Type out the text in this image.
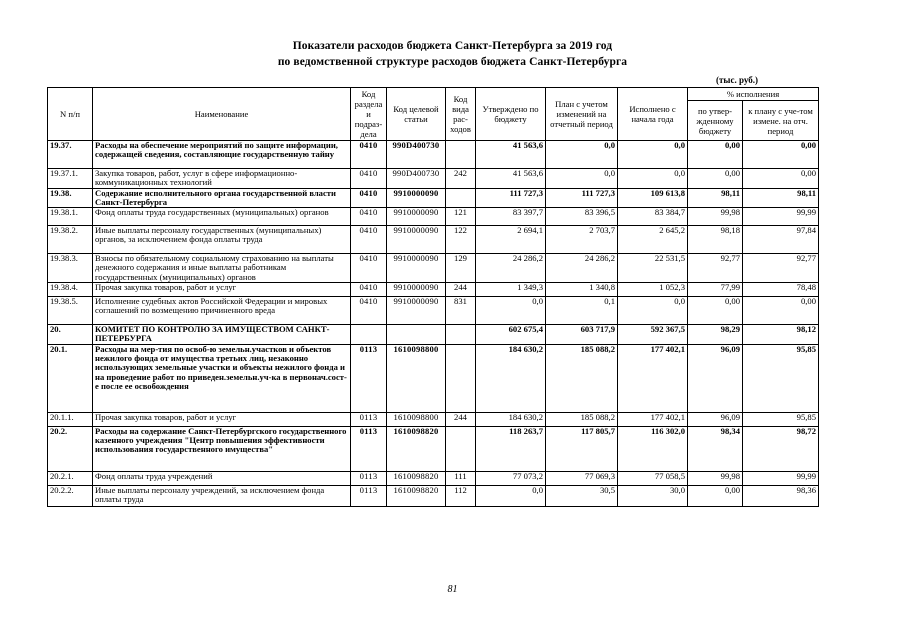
Показатели расходов бюджета Санкт-Петербурга за 2019 год
по ведомственной структуре расходов бюджета Санкт-Петербурга
(тыс. руб.)
N п/п	Наименование	Код раздела и подраз-дела	Код целевой статьи	Код вида рас-ходов	Утверждено по бюджету	План с учетом изменений на отчетный период	Исполнено с начала года	% исполнения	
								по утвер-жденному бюджету	к плану с уче-том измене. на отч. период
19.37.	Расходы на обеспечение мероприятий по защите информации, содержащей сведения, составляющие государственную тайну	0410	990D400730		41 563,6	0,0	0,0	0,00	0,00
19.37.1.	Закупка товаров, работ, услуг в сфере информационно-коммуникационных технологий	0410	990D400730	242	41 563,6	0,0	0,0	0,00	0,00
19.38.	Содержание исполнительного органа государственной власти Санкт-Петербурга	0410	9910000090		111 727,3	111 727,3	109 613,8	98,11	98,11
19.38.1.	Фонд оплаты труда государственных (муниципальных) органов	0410	9910000090	121	83 397,7	83 396,5	83 384,7	99,98	99,99
19.38.2.	Иные выплаты персоналу государственных (муниципальных) органов, за исключением фонда оплаты труда	0410	9910000090	122	2 694,1	2 703,7	2 645,2	98,18	97,84
19.38.3.	Взносы по обязательному социальному страхованию на выплаты денежного содержания и иные выплаты работникам государственных (муниципальных) органов	0410	9910000090	129	24 286,2	24 286,2	22 531,5	92,77	92,77
19.38.4.	Прочая закупка товаров, работ и услуг	0410	9910000090	244	1 349,3	1 340,8	1 052,3	77,99	78,48
19.38.5.	Исполнение судебных актов Российской Федерации и мировых соглашений по возмещению причиненного вреда	0410	9910000090	831	0,0	0,1	0,0	0,00	0,00
20.	КОМИТЕТ ПО КОНТРОЛЮ ЗА ИМУЩЕСТВОМ САНКТ-ПЕТЕРБУРГА				602 675,4	603 717,9	592 367,5	98,29	98,12
20.1.	Расходы на мер-тия по освоб-ю земельн.участков и объектов нежилого фонда от имущества третьих лиц, незаконно использующих земельные участки и объекты нежилого фонда и на проведение работ по приведен.земельн.уч-ка в первонач.сост-е после ее освобождения	0113	1610098800		184 630,2	185 088,2	177 402,1	96,09	95,85
20.1.1.	Прочая закупка товаров, работ и услуг	0113	1610098800	244	184 630,2	185 088,2	177 402,1	96,09	95,85
20.2.	Расходы на содержание Санкт-Петербургского государственного казенного учреждения "Центр повышения эффективности использования государственного имущества"	0113	1610098820		118 263,7	117 805,7	116 302,0	98,34	98,72
20.2.1.	Фонд оплаты труда учреждений	0113	1610098820	111	77 073,2	77 069,3	77 058,5	99,98	99,99
20.2.2.	Иные выплаты персоналу учреждений, за исключением фонда оплаты труда	0113	1610098820	112	0,0	30,5	30,0	0,00	98,36
81
